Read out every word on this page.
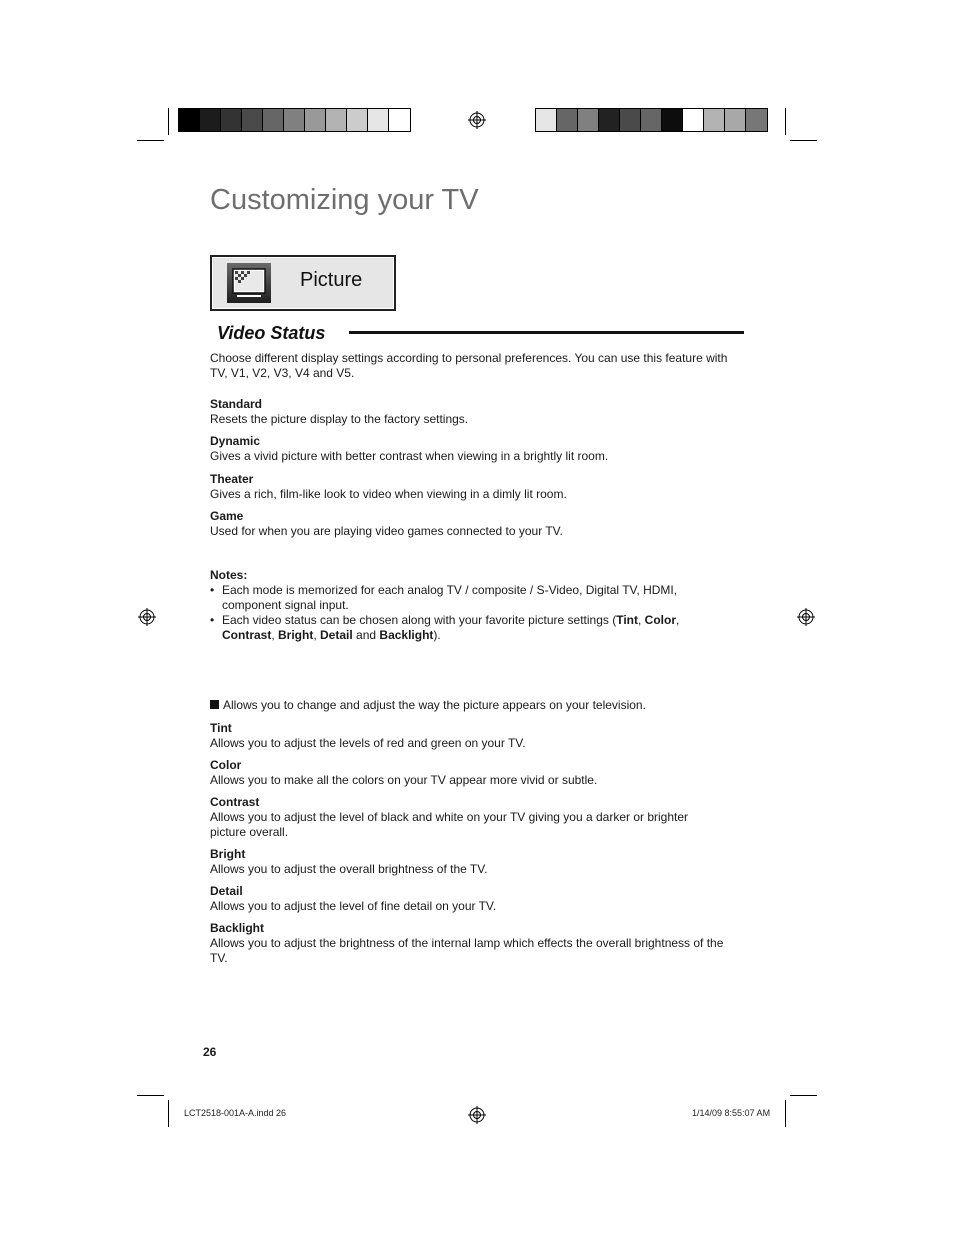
Customizing your TV
Picture
Video Status
Choose different display settings according to personal preferences. You can use this feature with TV, V1, V2, V3, V4 and V5.
Standard
Resets the picture display to the factory settings.
Dynamic
Gives a vivid picture with better contrast when viewing in a brightly lit room.
Theater
Gives a rich, film-like look to video when viewing in a dimly lit room.
Game
Used for when you are playing video games connected to your TV.
Notes:
• Each mode is memorized for each analog TV / composite / S-Video, Digital TV, HDMI, component signal input.
• Each video status can be chosen along with your favorite picture settings (Tint, Color, Contrast, Bright, Detail and Backlight).
Allows you to change and adjust the way the picture appears on your television.
Tint
Allows you to adjust the levels of red and green on your TV.
Color
Allows you to make all the colors on your TV appear more vivid or subtle.
Contrast
Allows you to adjust the level of black and white on your TV giving you a darker or brighter picture overall.
Bright
Allows you to adjust the overall brightness of the TV.
Detail
Allows you to adjust the level of fine detail on your TV.
Backlight
Allows you to adjust the brightness of the internal lamp which effects the overall brightness of the TV.
26
LCT2518-001A-A.indd 26	1/14/09 8:55:07 AM
